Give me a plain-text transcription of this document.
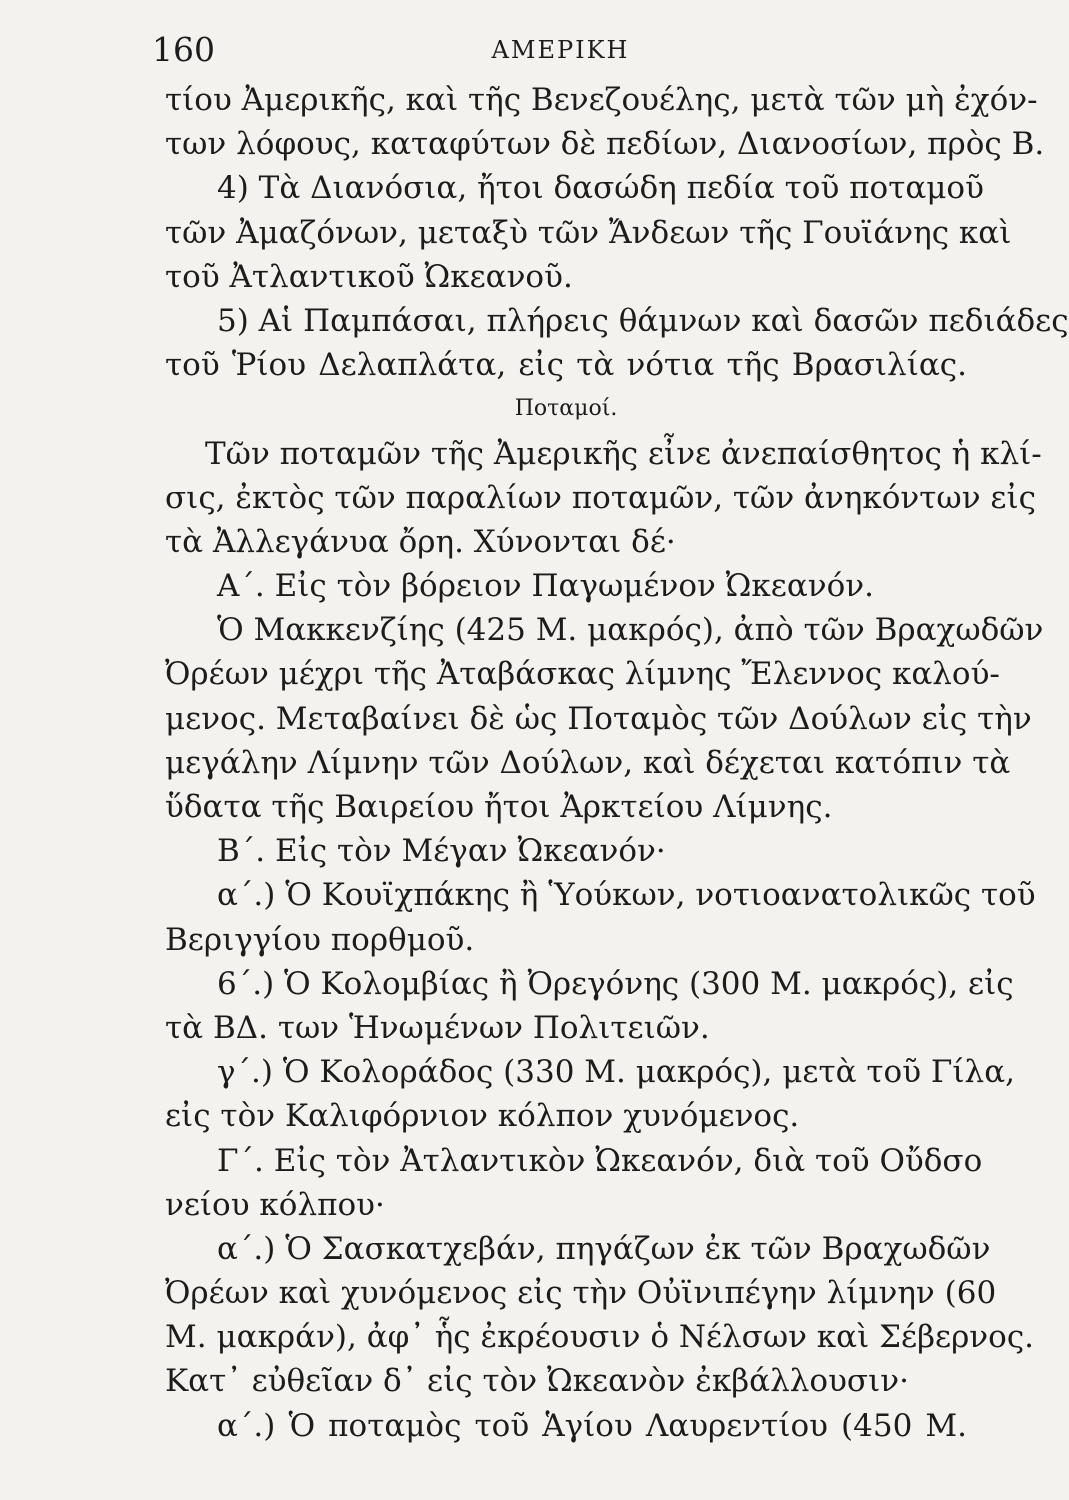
160	ΑΜΕΡΙΚΗ
τίου Ἀμερικῆς, καὶ τῆς Βενεζουέλης, μετὰ τῶν μὴ ἐχόν-
των λόφους, καταφύτων δὲ πεδίων, Διανοσίων, πρὸς Β.
4) Τὰ Διανόσια, ἤτοι δασώδη πεδία τοῦ ποταμοῦ
τῶν Ἀμαζόνων, μεταξὺ τῶν Ἄνδεων τῆς Γουϊάνης καὶ
τοῦ Ἀτλαντικοῦ Ὠκεανοῦ.
5) Αἱ Παμπάσαι, πλήρεις θάμνων καὶ δασῶν πεδιάδες
τοῦ Ῥίου Δελαπλάτα, εἰς τὰ νότια τῆς Βρασιλίας.
Ποταμοί.
Τῶν ποταμῶν τῆς Ἀμερικῆς εἶνε ἀνεπαίσθητος ἡ κλί-
σις, ἐκτὸς τῶν παραλίων ποταμῶν, τῶν ἀνηκόντων εἰς
τὰ Ἀλλεγάνυα ὄρη. Χύνονται δέ·
Α΄. Εἰς τὸν βόρειον Παγωμένον Ὠκεανόν.
Ὁ Μακκενζίης (425 Μ. μακρός), ἀπὸ τῶν Βραχωδῶν
Ὀρέων μέχρι τῆς Ἀταβάσκας λίμνης Ἔλεννος καλού-
μενος. Μεταβαίνει δὲ ὡς Ποταμὸς τῶν Δούλων εἰς τὴν
μεγάλην Λίμνην τῶν Δούλων, καὶ δέχεται κατόπιν τὰ
ὕδατα τῆς Βαιρείου ἤτοι Ἀρκτείου Λίμνης.
Β΄. Εἰς τὸν Μέγαν Ὠκεανόν·
α΄.) Ὁ Κουϊχπάκης ἢ Ὑούκων, νοτιοανατολικῶς τοῦ
Βεριγγίου πορθμοῦ.
6΄.) Ὁ Κολομβίας ἢ Ὀρεγόνης (300 Μ. μακρός), εἰς
τὰ ΒΔ. των Ἡνωμένων Πολιτειῶν.
γ΄.) Ὁ Κολοράδος (330 Μ. μακρός), μετὰ τοῦ Γίλα,
εἰς τὸν Καλιφόρνιον κόλπον χυνόμενος.
Γ΄. Εἰς τὸν Ἀτλαντικὸν Ὠκεανόν, διὰ τοῦ Οὔδσο
νείου κόλπου·
α΄.) Ὁ Σασκατχεβάν, πηγάζων ἐκ τῶν Βραχωδῶν
Ὀρέων καὶ χυνόμενος εἰς τὴν Οὐϊνιπέγην λίμνην (60
Μ. μακράν), ἀφ᾽ ἧς ἐκρέουσιν ὁ Νέλσων καὶ Σέβερνος.
Κατ᾽ εὐθεῖαν δ᾽ εἰς τὸν Ὠκεανὸν ἐκβάλλουσιν·
α΄.) Ὁ ποταμὸς τοῦ Ἁγίου Λαυρεντίου (450 Μ.
